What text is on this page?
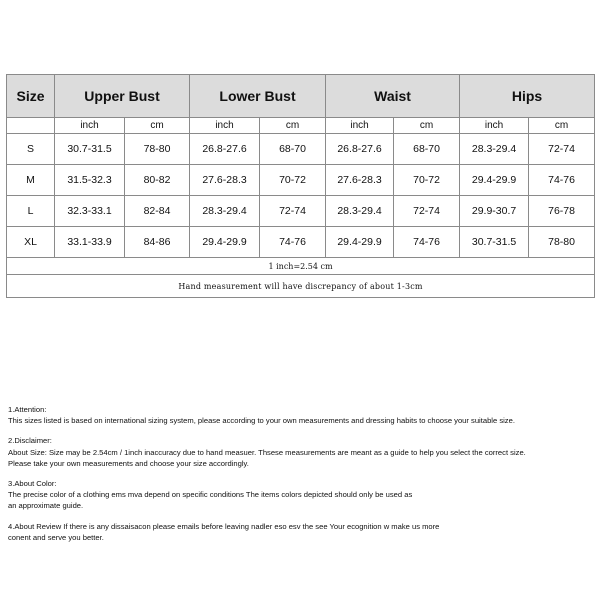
Size	Upper Bust		Lower Bust		Waist		Hips	
	inch	cm	inch	cm	inch	cm	inch	cm
S	30.7-31.5	78-80	26.8-27.6	68-70	26.8-27.6	68-70	28.3-29.4	72-74
M	31.5-32.3	80-82	27.6-28.3	70-72	27.6-28.3	70-72	29.4-29.9	74-76
L	32.3-33.1	82-84	28.3-29.4	72-74	28.3-29.4	72-74	29.9-30.7	76-78
XL	33.1-33.9	84-86	29.4-29.9	74-76	29.4-29.9	74-76	30.7-31.5	78-80
1 inch=2.54 cm								
Hand measurement will have discrepancy of about 1-3cm								

1.Attention:

This sizes listed is based on international sizing system, please according to your own measurements and dressing habits to choose your suitable size.

2.Disclaimer:

About Size: Size may be 2.54cm / 1inch inaccuracy due to hand measuer. Thsese measurements are meant as a guide to help you select the correct size.

Please take your own measurements and choose your size accordingly.

3.About Color:

The precise color of a clothing ems mva depend on specific conditions The items colors depicted should only be used as

an approximate guide.

4.About Review If there is any dissaisacon please emails before leaving nadler eso esv the see Your ecognition w make us more

conent and serve you better.
